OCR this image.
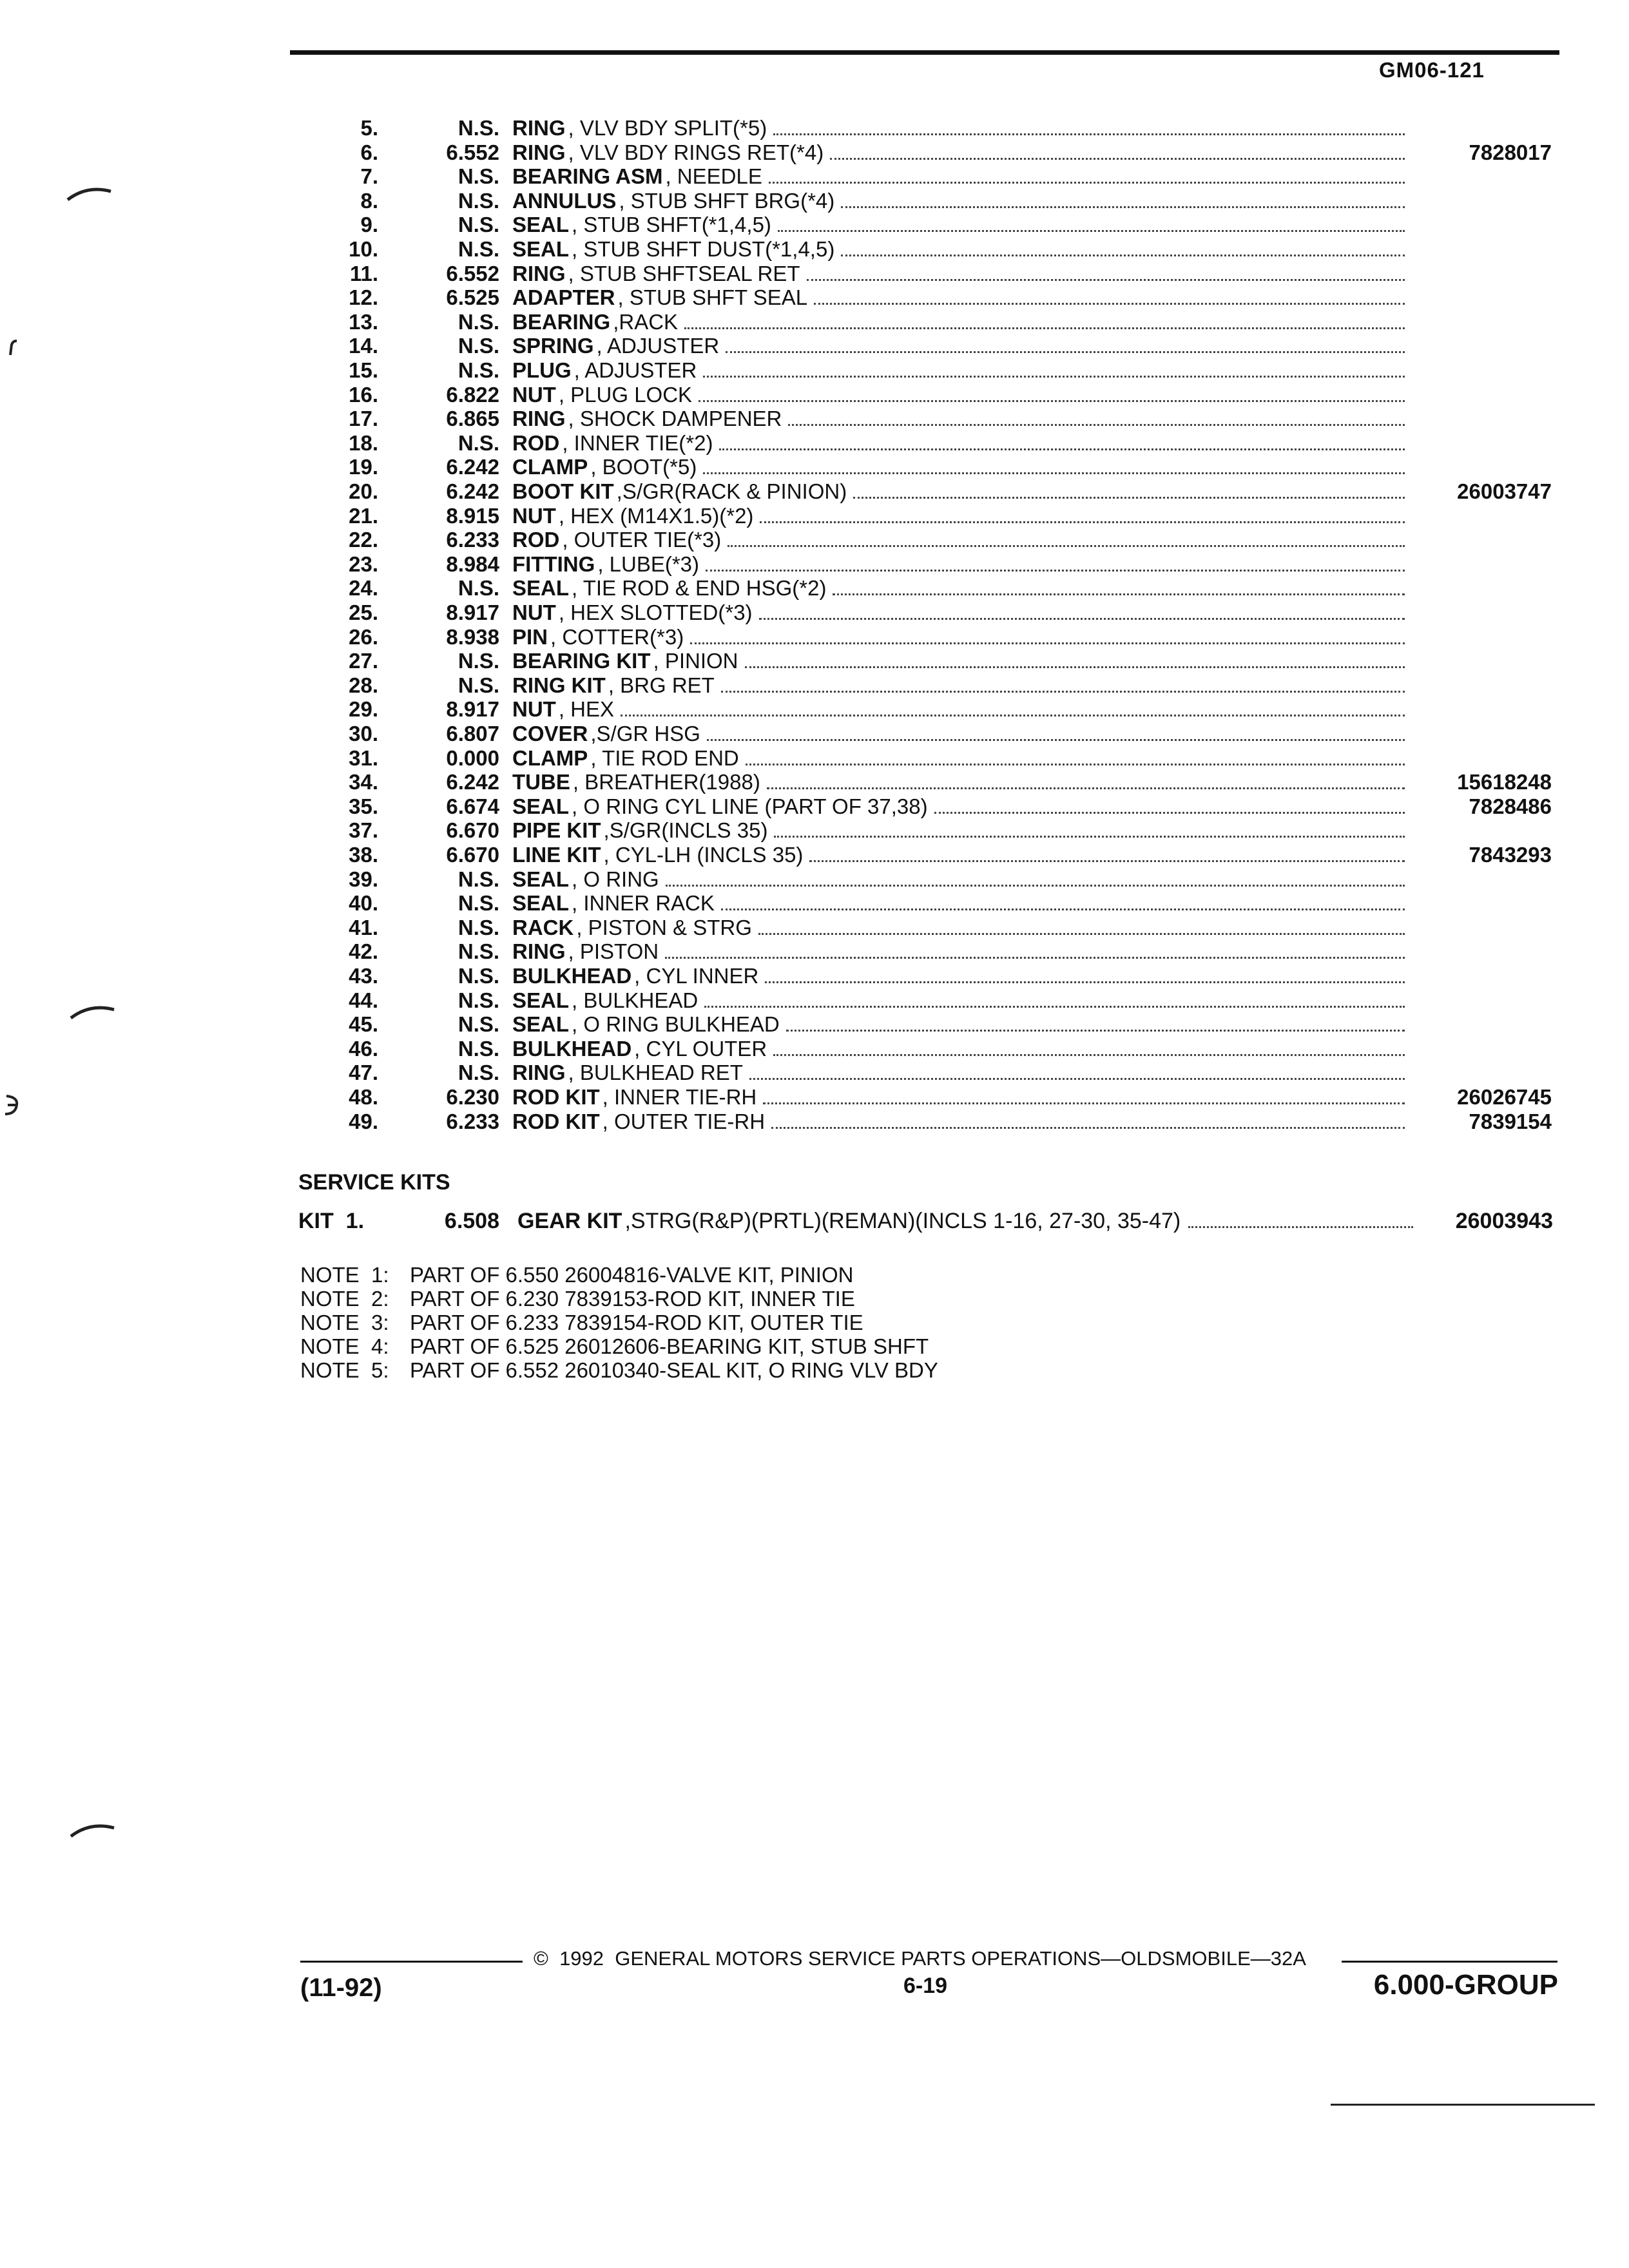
GM06-121
5.	N.S. RING , VLV BDY SPLIT(*5)
6.	6.552 RING , VLV BDY RINGS RET(*4)	7828017
7.	N.S. BEARING ASM , NEEDLE
8.	N.S. ANNULUS , STUB SHFT BRG(*4)
9.	N.S. SEAL , STUB SHFT(*1,4,5)
10.	N.S. SEAL , STUB SHFT DUST(*1,4,5)
11.	6.552 RING , STUB SHFTSEAL RET
12.	6.525 ADAPTER , STUB SHFT SEAL
13.	N.S. BEARING ,RACK
14.	N.S. SPRING , ADJUSTER
15.	N.S. PLUG , ADJUSTER
16.	6.822 NUT , PLUG LOCK
17.	6.865 RING , SHOCK DAMPENER
18.	N.S. ROD , INNER TIE(*2)
19.	6.242 CLAMP , BOOT(*5)
20.	6.242 BOOT KIT ,S/GR(RACK & PINION)	26003747
21.	8.915 NUT , HEX (M14X1.5)(*2)
22.	6.233 ROD , OUTER TIE(*3)
23.	8.984 FITTING , LUBE(*3)
24.	N.S. SEAL , TIE ROD & END HSG(*2)
25.	8.917 NUT , HEX SLOTTED(*3)
26.	8.938 PIN , COTTER(*3)
27.	N.S. BEARING KIT , PINION
28.	N.S. RING KIT , BRG RET
29.	8.917 NUT , HEX
30.	6.807 COVER ,S/GR HSG
31.	0.000 CLAMP , TIE ROD END
34.	6.242 TUBE , BREATHER(1988)	15618248
35.	6.674 SEAL , O RING CYL LINE (PART OF 37,38)	7828486
37.	6.670 PIPE KIT ,S/GR(INCLS 35)
38.	6.670 LINE KIT , CYL-LH (INCLS 35)	7843293
39.	N.S. SEAL , O RING
40.	N.S. SEAL , INNER RACK
41.	N.S. RACK , PISTON & STRG
42.	N.S. RING , PISTON
43.	N.S. BULKHEAD , CYL INNER
44.	N.S. SEAL , BULKHEAD
45.	N.S. SEAL , O RING BULKHEAD
46.	N.S. BULKHEAD , CYL OUTER
47.	N.S. RING , BULKHEAD RET
48.	6.230 ROD KIT , INNER TIE-RH	26026745
49.	6.233 ROD KIT , OUTER TIE-RH	7839154
SERVICE KITS
KIT  1.	6.508 GEAR KIT ,STRG(R&P)(PRTL)(REMAN)(INCLS 1-16, 27-30, 35-47)	26003943
NOTE  1: PART OF 6.550 26004816-VALVE KIT, PINION
NOTE  2: PART OF 6.230 7839153-ROD KIT, INNER TIE
NOTE  3: PART OF 6.233 7839154-ROD KIT, OUTER TIE
NOTE  4: PART OF 6.525 26012606-BEARING KIT, STUB SHFT
NOTE  5: PART OF 6.552 26010340-SEAL KIT, O RING VLV BDY
©  1992  GENERAL MOTORS SERVICE PARTS OPERATIONS—OLDSMOBILE—32A
(11-92)	6-19	6.000-GROUP
